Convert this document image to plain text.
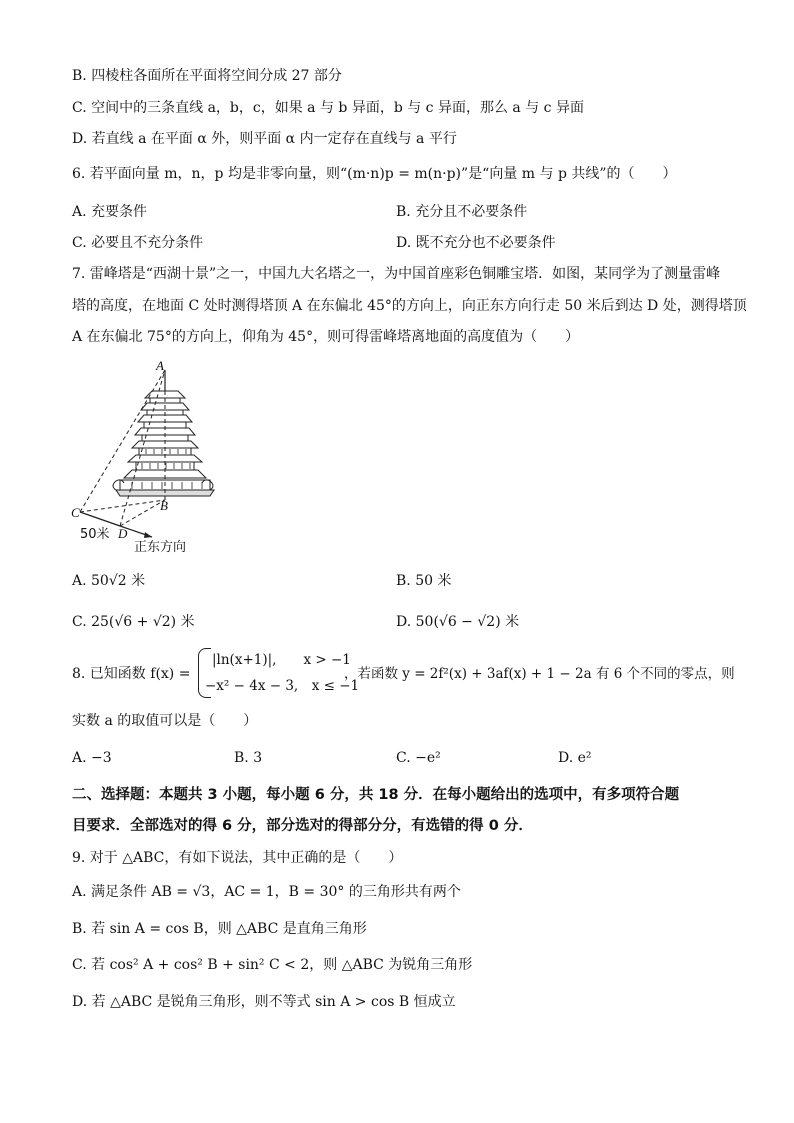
B. 四棱柱各面所在平面将空间分成 27 部分
C. 空间中的三条直线 a，b，c，如果 a 与 b 异面，b 与 c 异面，那么 a 与 c 异面
D. 若直线 a 在平面 α 外，则平面 α 内一定存在直线与 a 平行
6. 若平面向量 m，n，p 均是非零向量，则“(m·n)p = m(n·p)”是“向量 m 与 p 共线”的（　　）
A. 充要条件	B. 充分且不必要条件
C. 必要且不充分条件	D. 既不充分也不必要条件
7. 雷峰塔是“西湖十景”之一，中国九大名塔之一，为中国首座彩色铜雕宝塔．如图，某同学为了测量雷峰
塔的高度，在地面 C 处时测得塔顶 A 在东偏北 45°的方向上，向正东方向行走 50 米后到达 D 处，测得塔顶
A 在东偏北 75°的方向上，仰角为 45°，则可得雷峰塔离地面的高度值为（　　）
A
B
C
D
50米
正东方向
A. 50√2 米	B. 50 米
C. 25(√6 + √2) 米	D. 50(√6 − √2) 米
8. 已知函数 f(x) =
|ln(x+1)|,　　x > −1
−x² − 4x − 3,　x ≤ −1
，若函数 y = 2f²(x) + 3af(x) + 1 − 2a 有 6 个不同的零点，则
实数 a 的取值可以是（　　）
A. −3	B. 3	C. −e²	D. e²
二、选择题：本题共 3 小题，每小题 6 分，共 18 分．在每小题给出的选项中，有多项符合题
目要求．全部选对的得 6 分，部分选对的得部分分，有选错的得 0 分．
9. 对于 △ABC，有如下说法，其中正确的是（　　）
A. 满足条件 AB = √3，AC = 1，B = 30° 的三角形共有两个
B. 若 sin A = cos B，则 △ABC 是直角三角形
C. 若 cos² A + cos² B + sin² C < 2，则 △ABC 为锐角三角形
D. 若 △ABC 是锐角三角形，则不等式 sin A > cos B 恒成立
